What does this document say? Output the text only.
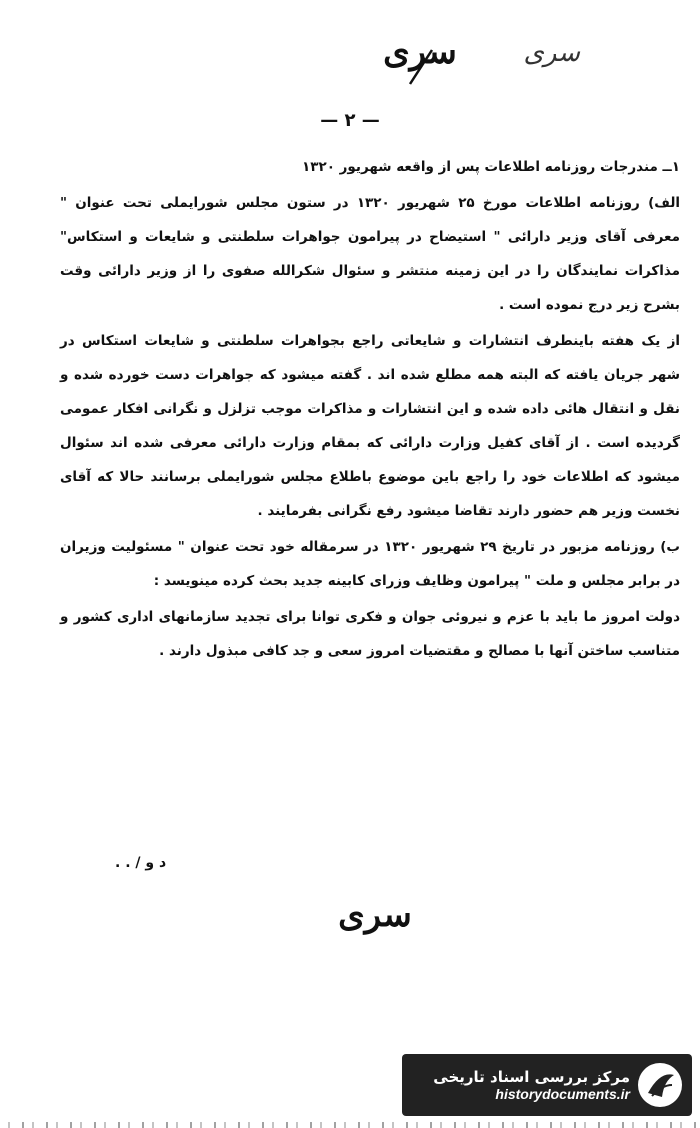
سرى	سرى
— ۲ —

۱ــ مندرجات روزنامه اطلاعات پس از واقعه شهریور ۱۳۲۰

الف) روزنامه اطلاعات مورخ ۲۵ شهریور ۱۳۲۰ در ستون مجلس شورایملی تحت عنوان " معرفی آقای وزیر دارائی " استیضاح در پیرامون جواهرات سلطنتی و شایعات و استکاس" مذاکرات نمایندگان را در این زمینه منتشر و سئوال شکرالله صفوی را از وزیر دارائی وقت بشرح زیر درج نموده است .

از یک هفته باینطرف انتشارات و شایعاتی راجع بجواهرات سلطنتی و شایعات استکاس در شهر جریان یافته که البته همه مطلع شده اند . گفته میشود که جواهرات دست خورده شده و نقل و انتقال هائی داده شده و این انتشارات و مذاکرات موجب تزلزل و نگرانی افکار عمومی گردیده است . از آقای کفیل وزارت دارائی که بمقام وزارت دارائی معرفی شده اند سئوال میشود که اطلاعات خود را راجع باین موضوع باطلاع مجلس شورایملی برسانند حالا که آقای نخست وزیر هم حضور دارند تقاضا میشود رفع نگرانی بفرمایند .

ب) روزنامه مزبور در تاریخ ۲۹ شهریور ۱۳۲۰ در سرمقاله خود تحت عنوان " مسئولیت وزیران در برابر مجلس و ملت " پیرامون وظایف وزرای کابینه جدید بحث کرده مینویسد :

دولت امروز ما باید با عزم و نیروئی جوان و فکری توانا برای تجدید سازمانهای اداری کشور و متناسب ساختن آنها با مصالح و مقتضیات امروز سعی و جد کافی مبذول دارند .

د و / . .
سرى
مرکز بررسی اسناد تاریخی
historydocuments.ir
